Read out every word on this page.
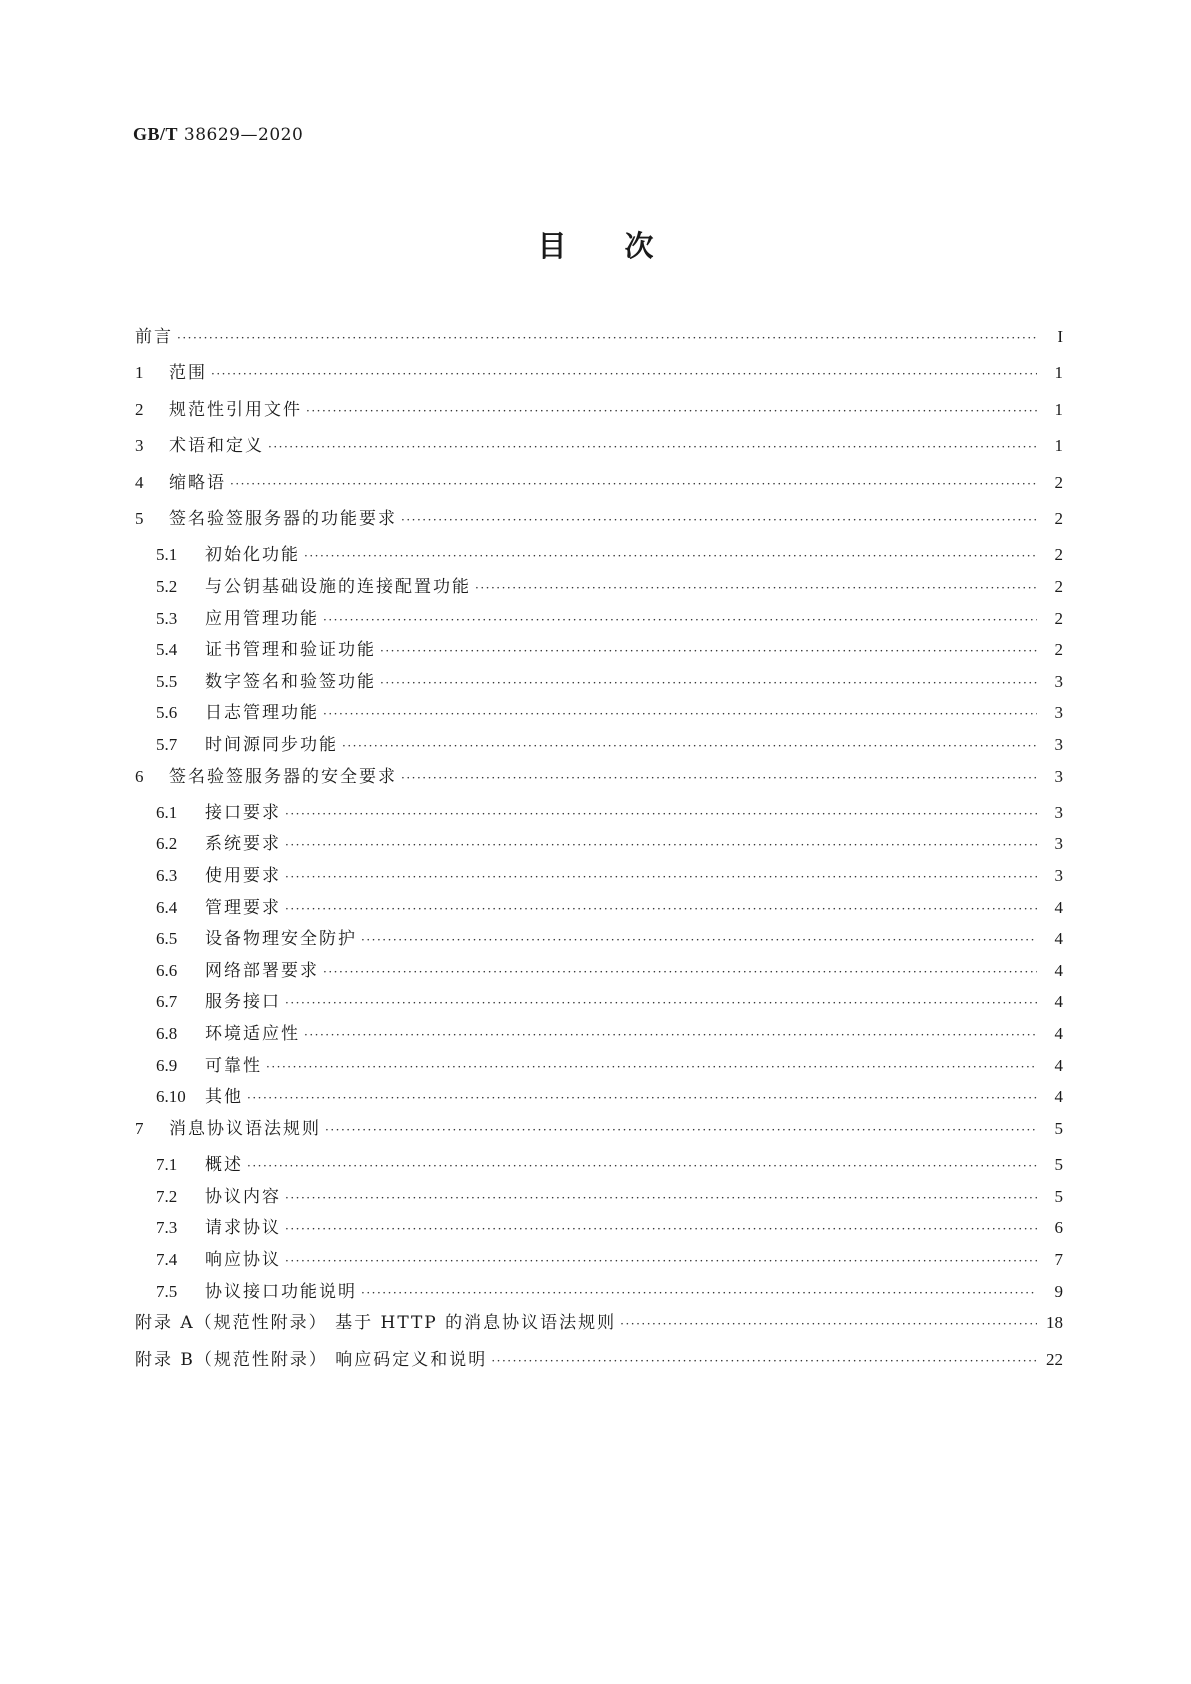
GB/T 38629—2020
目次
前言 ·····	I
1	范围 ·····	1
2	规范性引用文件 ·····	1
3	术语和定义 ·····	1
4	缩略语 ·····	2
5	签名验签服务器的功能要求 ·····	2
5.1	初始化功能 ·····	2
5.2	与公钥基础设施的连接配置功能 ·····	2
5.3	应用管理功能 ·····	2
5.4	证书管理和验证功能 ·····	2
5.5	数字签名和验签功能 ·····	3
5.6	日志管理功能 ·····	3
5.7	时间源同步功能 ·····	3
6	签名验签服务器的安全要求 ·····	3
6.1	接口要求 ·····	3
6.2	系统要求 ·····	3
6.3	使用要求 ·····	3
6.4	管理要求 ·····	4
6.5	设备物理安全防护 ·····	4
6.6	网络部署要求 ·····	4
6.7	服务接口 ·····	4
6.8	环境适应性 ·····	4
6.9	可靠性 ·····	4
6.10	其他 ·····	4
7	消息协议语法规则 ·····	5
7.1	概述 ·····	5
7.2	协议内容 ·····	5
7.3	请求协议 ·····	6
7.4	响应协议 ·····	7
7.5	协议接口功能说明 ·····	9
附录 A（规范性附录） 基于 HTTP 的消息协议语法规则 ·····	18
附录 B（规范性附录） 响应码定义和说明 ·····	22
